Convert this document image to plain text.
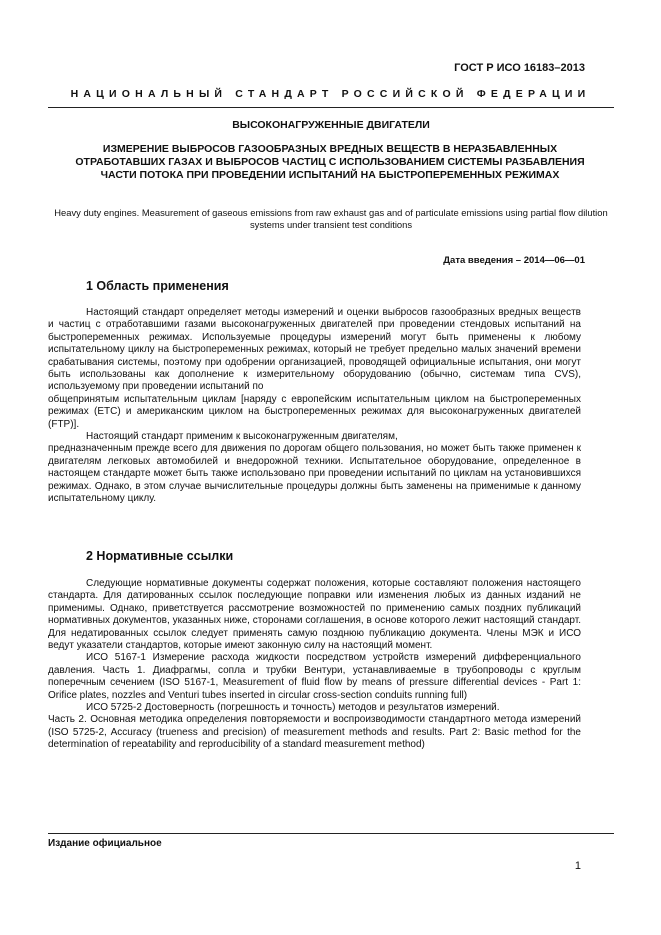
ГОСТ Р ИСО 16183–2013
НАЦИОНАЛЬНЫЙ СТАНДАРТ РОССИЙСКОЙ ФЕДЕРАЦИИ
ВЫСОКОНАГРУЖЕННЫЕ ДВИГАТЕЛИ
ИЗМЕРЕНИЕ ВЫБРОСОВ ГАЗООБРАЗНЫХ ВРЕДНЫХ ВЕЩЕСТВ В НЕРАЗБАВЛЕННЫХ ОТРАБОТАВШИХ ГАЗАХ И ВЫБРОСОВ ЧАСТИЦ С ИСПОЛЬЗОВАНИЕМ СИСТЕМЫ РАЗБАВЛЕНИЯ ЧАСТИ ПОТОКА ПРИ ПРОВЕДЕНИИ ИСПЫТАНИЙ НА БЫСТРОПЕРЕМЕННЫХ РЕЖИМАХ
Heavy duty engines. Measurement of gaseous emissions from raw exhaust gas and of particulate emissions using partial flow dilution systems under transient test conditions
Дата введения – 2014—06—01
1 Область применения

Настоящий стандарт определяет методы измерений и оценки выбросов газообразных вредных веществ и частиц с отработавшими газами высоконагруженных двигателей при проведении стендовых испытаний на быстропеременных режимах. Используемые процедуры измерений могут быть применены к любому испытательному циклу на быстропеременных режимах, который не требует предельно малых значений времени срабатывания системы, поэтому при одобрении организацией, проводящей официальные испытания, они могут быть использованы как дополнение к измерительному оборудованию (обычно, системам типа CVS), используемому при проведении испытаний по

общепринятым испытательным циклам [наряду с европейским испытательным циклом на быстропеременных режимах (ETC) и американским циклом на быстропеременных режимах для высоконагруженных двигателей (FTP)].

Настоящий стандарт применим к высоконагруженным двигателям,

предназначенным прежде всего для движения по дорогам общего пользования, но может быть также применен к двигателям легковых автомобилей и внедорожной техники. Испытательное оборудование, определенное в настоящем стандарте может быть также использовано при проведении испытаний по циклам на установившихся режимах. Однако, в этом случае вычислительные процедуры должны быть заменены на применимые к данному испытательному циклу.

2 Нормативные ссылки

Следующие нормативные документы содержат положения, которые составляют положения настоящего стандарта. Для датированных ссылок последующие поправки или изменения любых из данных изданий не применимы. Однако, приветствуется рассмотрение возможностей по применению самых поздних публикаций нормативных документов, указанных ниже, сторонами соглашения, в основе которого лежит настоящий стандарт. Для недатированных ссылок следует применять самую позднюю публикацию документа. Члены МЭК и ИСО ведут указатели стандартов, которые имеют законную силу на настоящий момент.

ИСО 5167-1 Измерение расхода жидкости посредством устройств измерений дифференциального давления. Часть 1. Диафрагмы, сопла и трубки Вентури, устанавливаемые в трубопроводы с круглым поперечным сечением (ISO 5167-1, Measurement of fluid flow by means of pressure differential devices - Part 1: Orifice plates, nozzles and Venturi tubes inserted in circular cross-section conduits running full)

ИСО 5725-2 Достоверность (погрешность и точность) методов и результатов измерений.

Часть 2. Основная методика определения повторяемости и воспроизводимости стандартного метода измерений (ISO 5725-2, Accuracy (trueness and precision) of measurement methods and results. Part 2: Basic method for the determination of repeatability and reproducibility of a standard measurement method)

Издание официальное
1
